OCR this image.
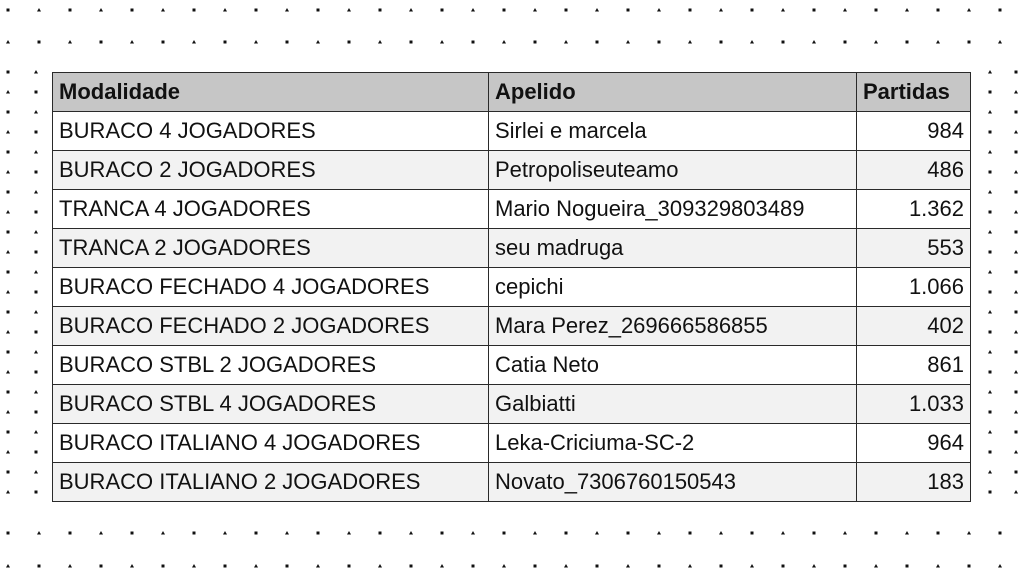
Modalidade	Apelido	Partidas
BURACO 4 JOGADORES	Sirlei e marcela	984
BURACO 2 JOGADORES	Petropoliseuteamo	486
TRANCA 4 JOGADORES	Mario Nogueira_309329803489	1.362
TRANCA 2 JOGADORES	seu madruga	553
BURACO FECHADO 4 JOGADORES	cepichi	1.066
BURACO FECHADO 2 JOGADORES	Mara Perez_269666586855	402
BURACO STBL 2 JOGADORES	Catia Neto	861
BURACO STBL 4 JOGADORES	Galbiatti	1.033
BURACO ITALIANO 4 JOGADORES	Leka-Criciuma-SC-2	964
BURACO ITALIANO 2 JOGADORES	Novato_7306760150543	183
